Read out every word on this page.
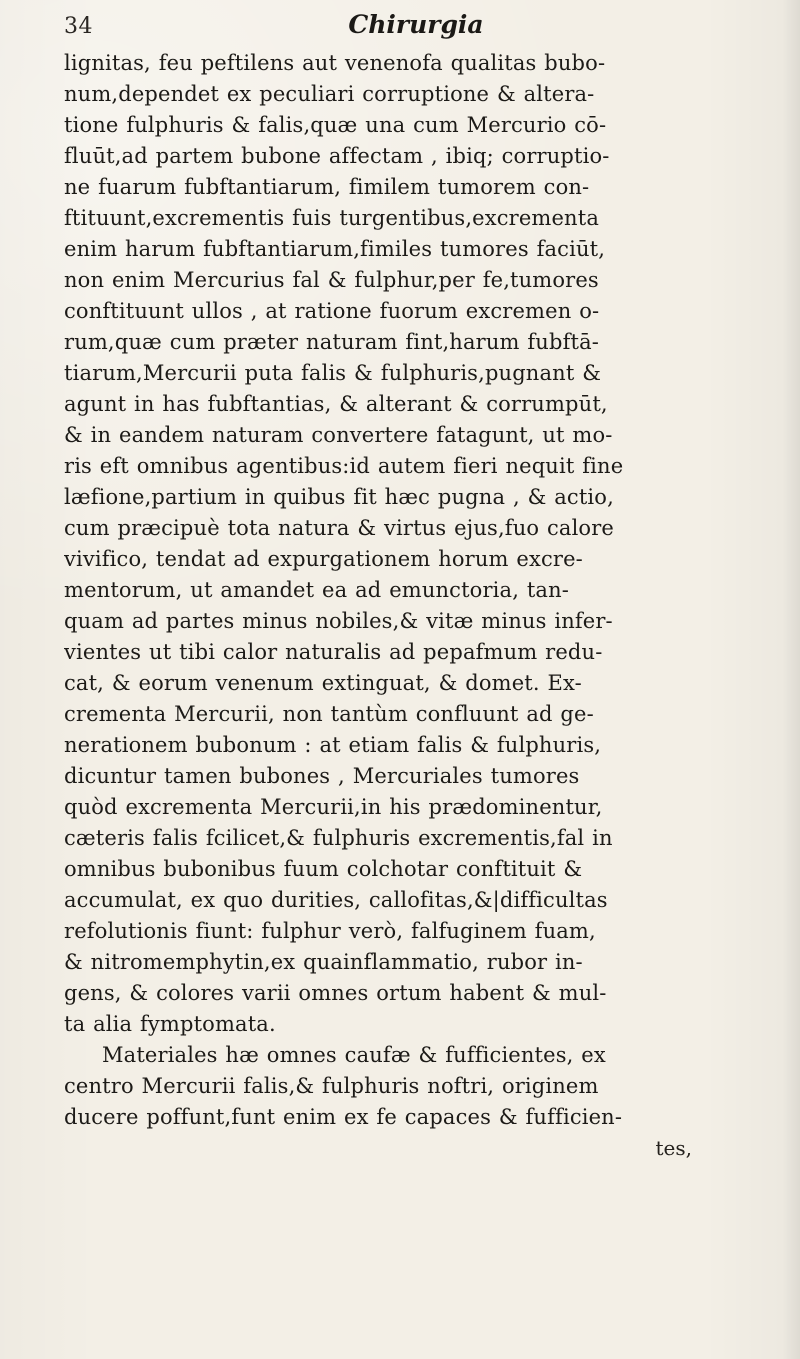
34	Chirurgia
lignitas, feu peftilens aut venenofa qualitas bubo-
num,dependet ex peculiari corruptione & altera-
tione fulphuris & falis,quæ una cum Mercurio cō-
fluūt,ad partem bubone affectam , ibiq; corruptio-
ne fuarum fubftantiarum, fimilem tumorem con-
ftituunt,excrementis fuis turgentibus,excrementa
enim harum fubftantiarum,fimiles tumores faciūt,
non enim Mercurius fal & fulphur,per fe,tumores
conftituunt ullos , at ratione fuorum excremen o-
rum,quæ cum præter naturam fint,harum fubftā-
tiarum,Mercurii puta falis & fulphuris,pugnant &
agunt in has fubftantias, & alterant & corrumpūt,
& in eandem naturam convertere fatagunt, ut mo-
ris eft omnibus agentibus:id autem fieri nequit fine
læfione,partium in quibus fit hæc pugna , & actio,
cum præcipuè tota natura & virtus ejus,fuo calore
vivifico, tendat ad expurgationem horum excre-
mentorum, ut amandet ea ad emunctoria, tan-
quam ad partes minus nobiles,& vitæ minus infer-
vientes ut tibi calor naturalis ad pepafmum redu-
cat, & eorum venenum extinguat, & domet. Ex-
crementa Mercurii, non tantùm confluunt ad ge-
nerationem bubonum : at etiam falis & fulphuris,
dicuntur tamen bubones , Mercuriales tumores
quòd excrementa Mercurii,in his prædominentur,
cæteris falis fcilicet,& fulphuris excrementis,fal in
omnibus bubonibus fuum colchotar conftituit &
accumulat, ex quo durities, callofitas,&|difficultas
refolutionis fiunt: fulphur verò, falfuginem fuam,
& nitromemphytin,ex quainflammatio, rubor in-
gens, & colores varii omnes ortum habent & mul-
ta alia fymptomata.
Materiales hæ omnes caufæ & fufficientes, ex
centro Mercurii falis,& fulphuris noftri, originem
ducere poffunt,funt enim ex fe capaces & fufficien-
tes,
